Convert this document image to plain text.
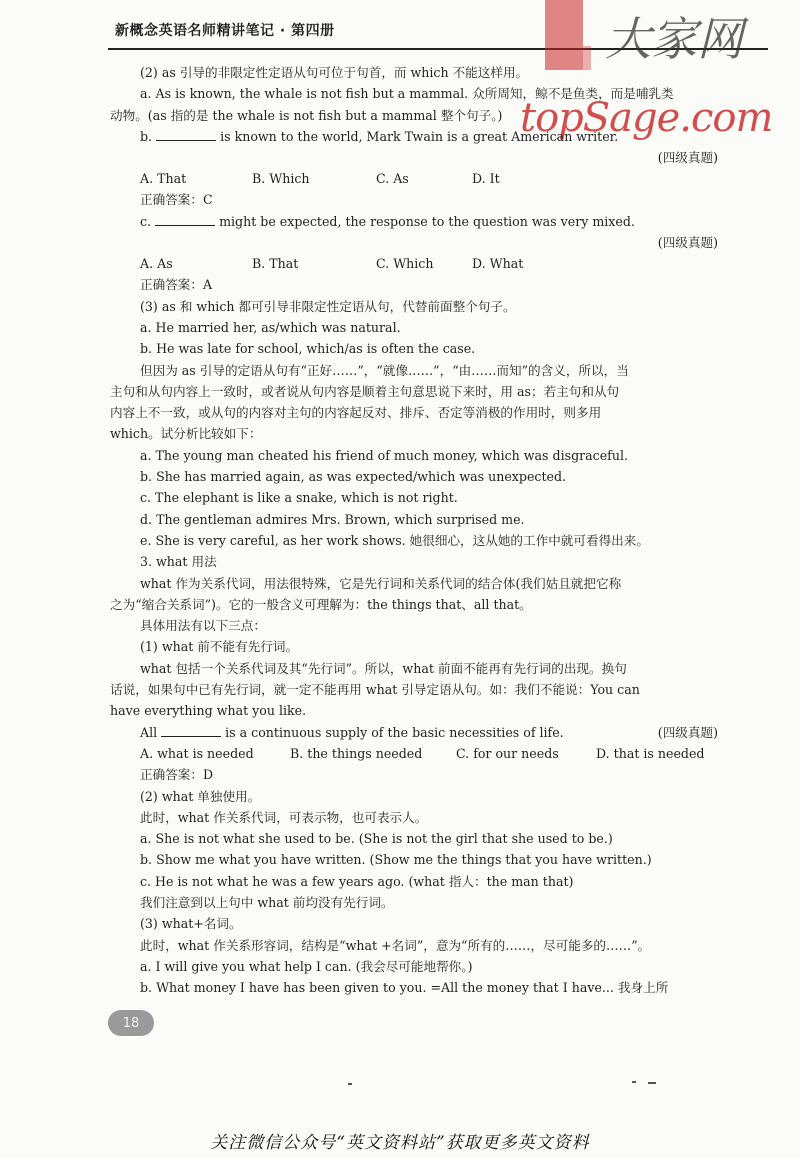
新概念英语名师精讲笔记 · 第四册	大家网
topSage.com
(2) as 引导的非限定性定语从句可位于句首，而 which 不能这样用。
a. As is known, the whale is not fish but a mammal. 众所周知，鲸不是鱼类，而是哺乳类
动物。(as 指的是 the whale is not fish but a mammal 整个句子。)
b.	is known to the world, Mark Twain is a great American writer.
(四级真题)
A. That	B. Which	C. As	D. It
正确答案：C
c.	might be expected, the response to the question was very mixed.
(四级真题)
A. As	B. That	C. Which	D. What
正确答案：A
(3) as 和 which 都可引导非限定性定语从句，代替前面整个句子。
a. He married her, as/which was natural.
b. He was late for school, which/as is often the case.
但因为 as 引导的定语从句有“正好……”，“就像……”，“由……而知”的含义，所以，当
主句和从句内容上一致时，或者说从句内容是顺着主句意思说下来时，用 as；若主句和从句
内容上不一致，或从句的内容对主句的内容起反对、排斥、否定等消极的作用时，则多用
which。试分析比较如下：
a. The young man cheated his friend of much money, which was disgraceful.
b. She has married again, as was expected/which was unexpected.
c. The elephant is like a snake, which is not right.
d. The gentleman admires Mrs. Brown, which surprised me.
e. She is very careful, as her work shows. 她很细心，这从她的工作中就可看得出来。
3. what 用法
what 作为关系代词，用法很特殊，它是先行词和关系代词的结合体(我们姑且就把它称
之为“缩合关系词”)。它的一般含义可理解为：the things that、all that。
具体用法有以下三点：
(1) what 前不能有先行词。
what 包括一个关系代词及其“先行词”。所以，what 前面不能再有先行词的出现。换句
话说，如果句中已有先行词，就一定不能再用 what 引导定语从句。如：我们不能说：You can
have everything what you like.
All	is a continuous supply of the basic necessities of life.	(四级真题)
A. what is needed	B. the things needed	C. for our needs	D. that is needed
正确答案：D
(2) what 单独使用。
此时，what 作关系代词，可表示物，也可表示人。
a. She is not what she used to be. (She is not the girl that she used to be.)
b. Show me what you have written. (Show me the things that you have written.)
c. He is not what he was a few years ago. (what 指人：the man that)
我们注意到以上句中 what 前均没有先行词。
(3) what+名词。
此时，what 作关系形容词，结构是“what +名词”，意为“所有的……，尽可能多的……”。
a. I will give you what help I can. (我会尽可能地帮你。)
b. What money I have has been given to you. =All the money that I have... 我身上所
18
关注微信公众号“英文资料站”获取更多英文资料
